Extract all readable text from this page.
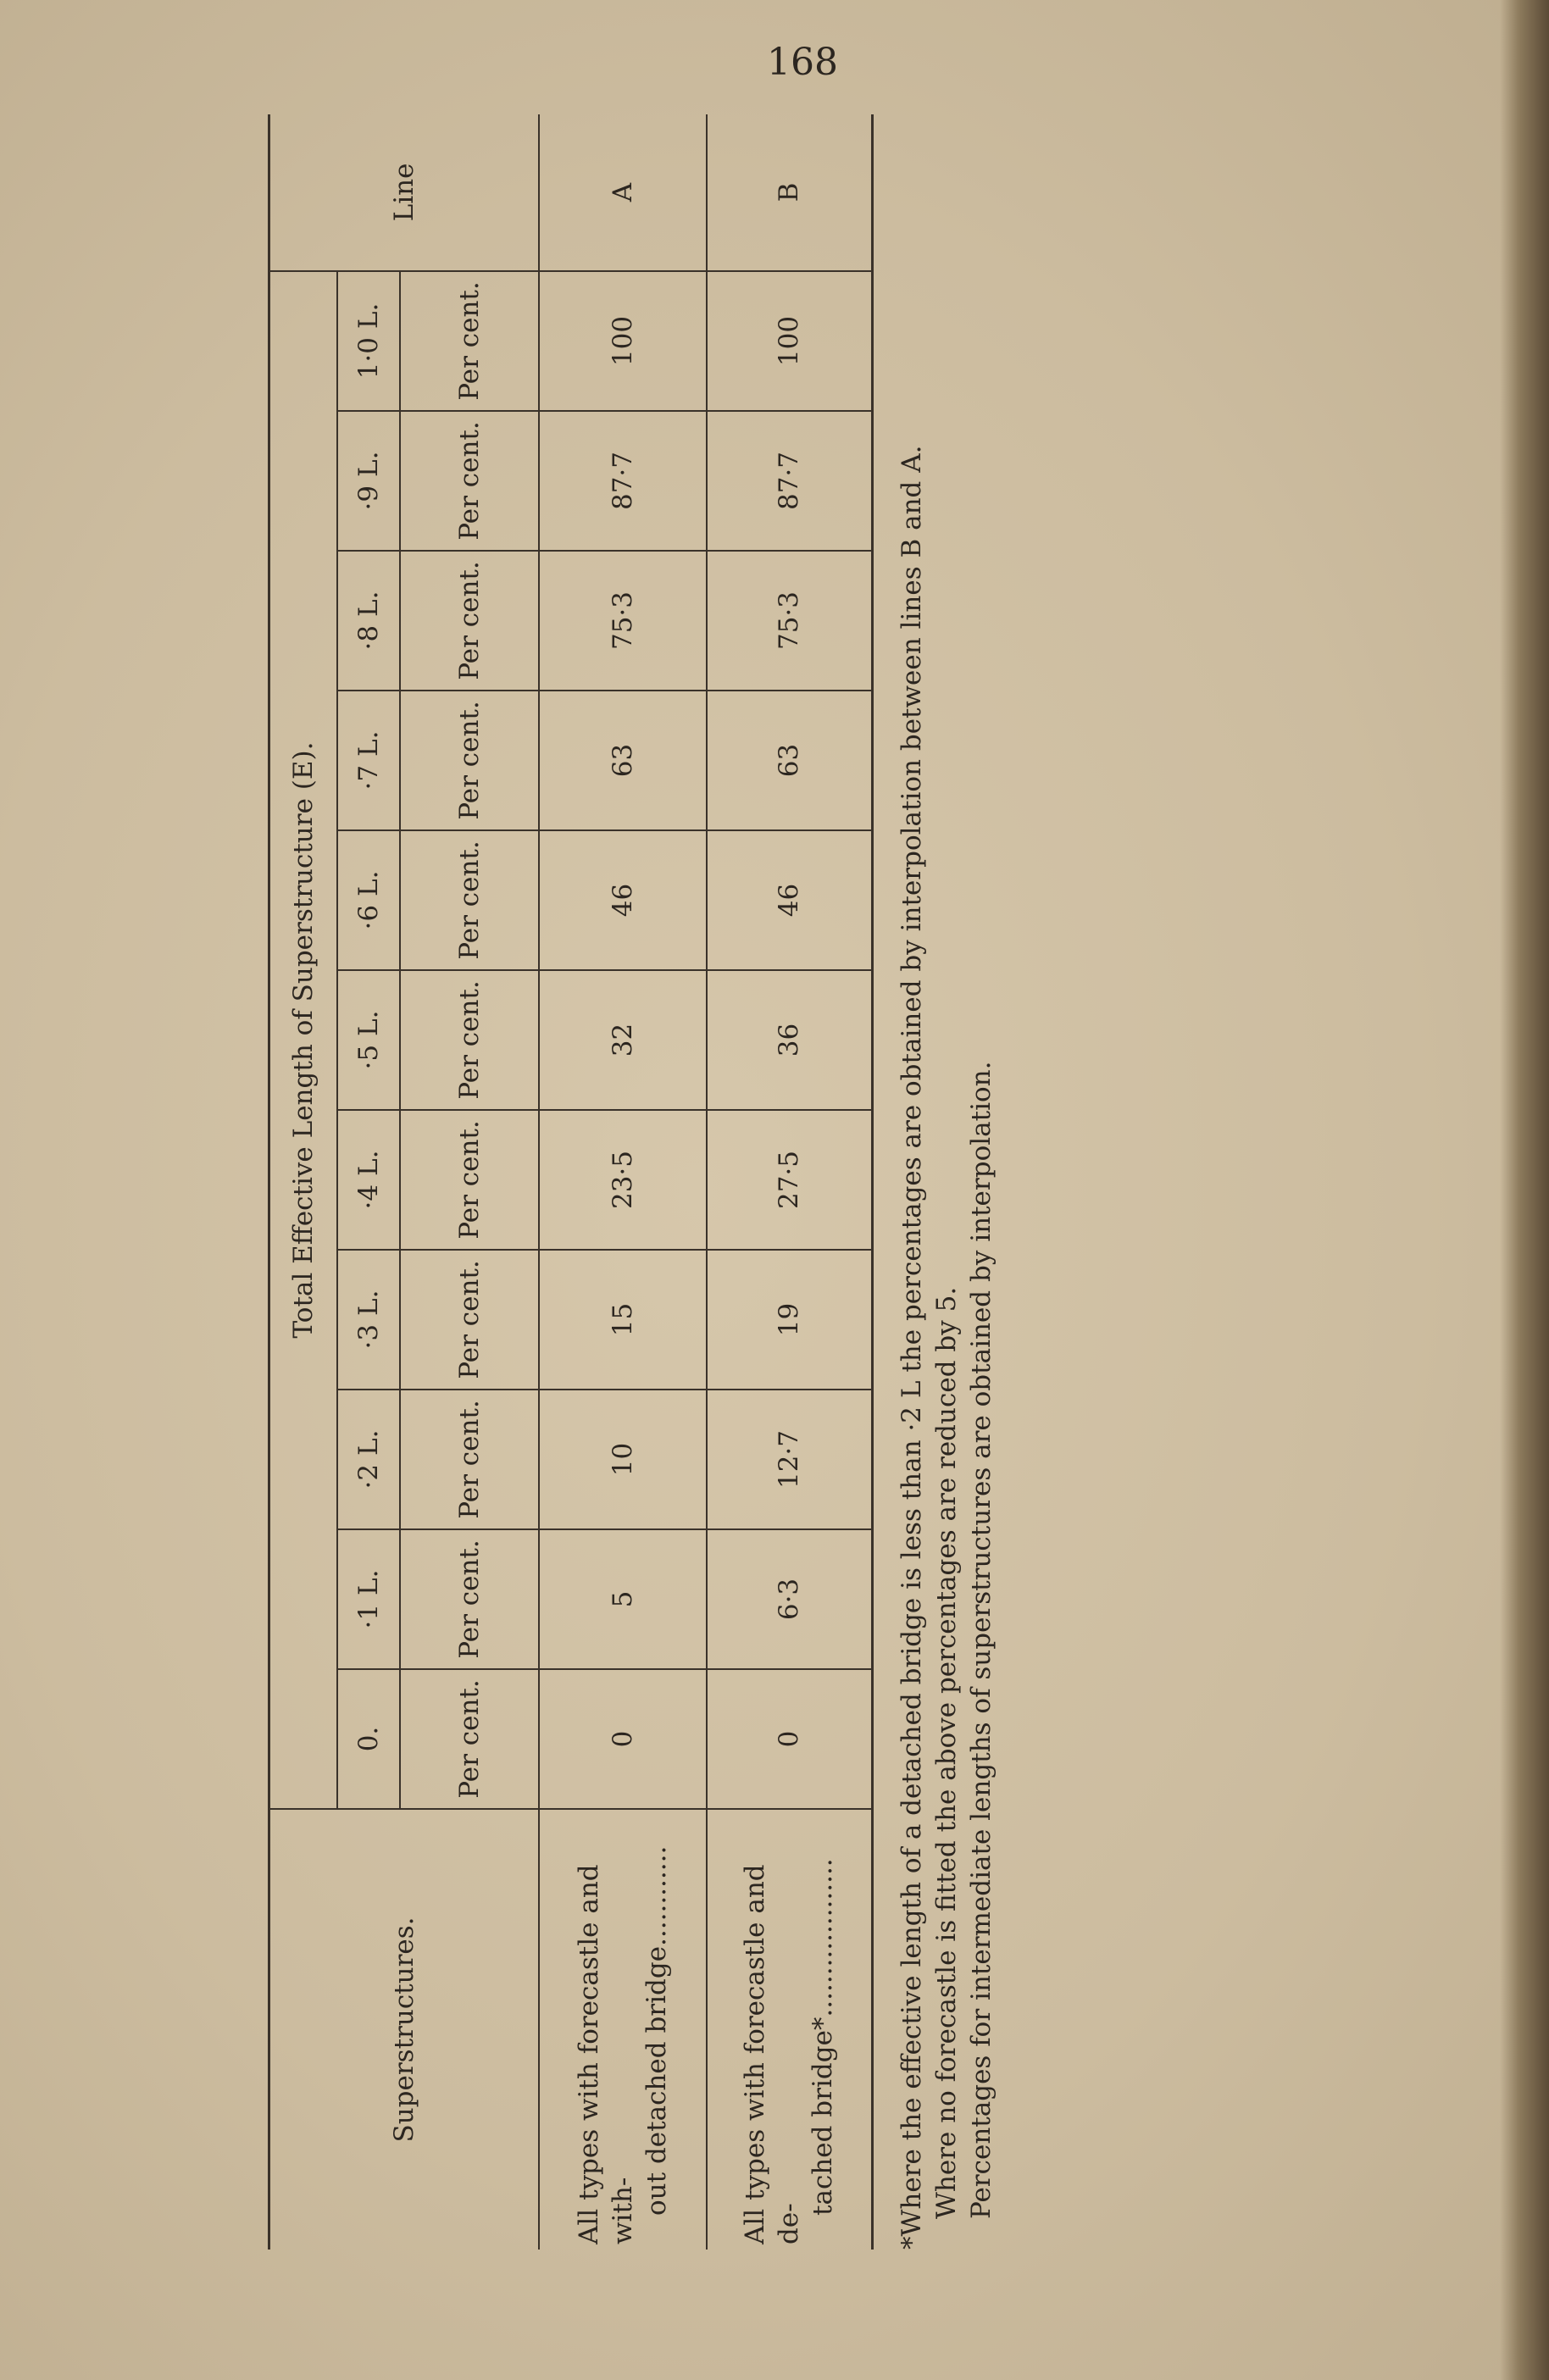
168
Superstructures.	Total Effective Length of Superstructure (E).											Line
	0.	·1 L.	·2 L.	·3 L.	·4 L.	·5 L.	·6 L.	·7 L.	·8 L.	·9 L.	1·0 L.	
	Per cent.	Per cent.	Per cent.	Per cent.	Per cent.	Per cent.	Per cent.	Per cent.	Per cent.	Per cent.	Per cent.	

All types with forecastle and with- out detached bridge............	0	5	10	15	23·5	32	46	63	75·3	87·7	100	A

All types with forecastle and de-
tached bridge*...................	0	6·3	12·7	19	27·5	36	46	63	75·3	87·7	100	B
*Where the effective length of a detached bridge is less than ·2 L the percentages are obtained by interpolation between lines B and A. Where no forecastle is fitted the above percentages are reduced by 5. Percentages for intermediate lengths of superstructures are obtained by interpolation.
